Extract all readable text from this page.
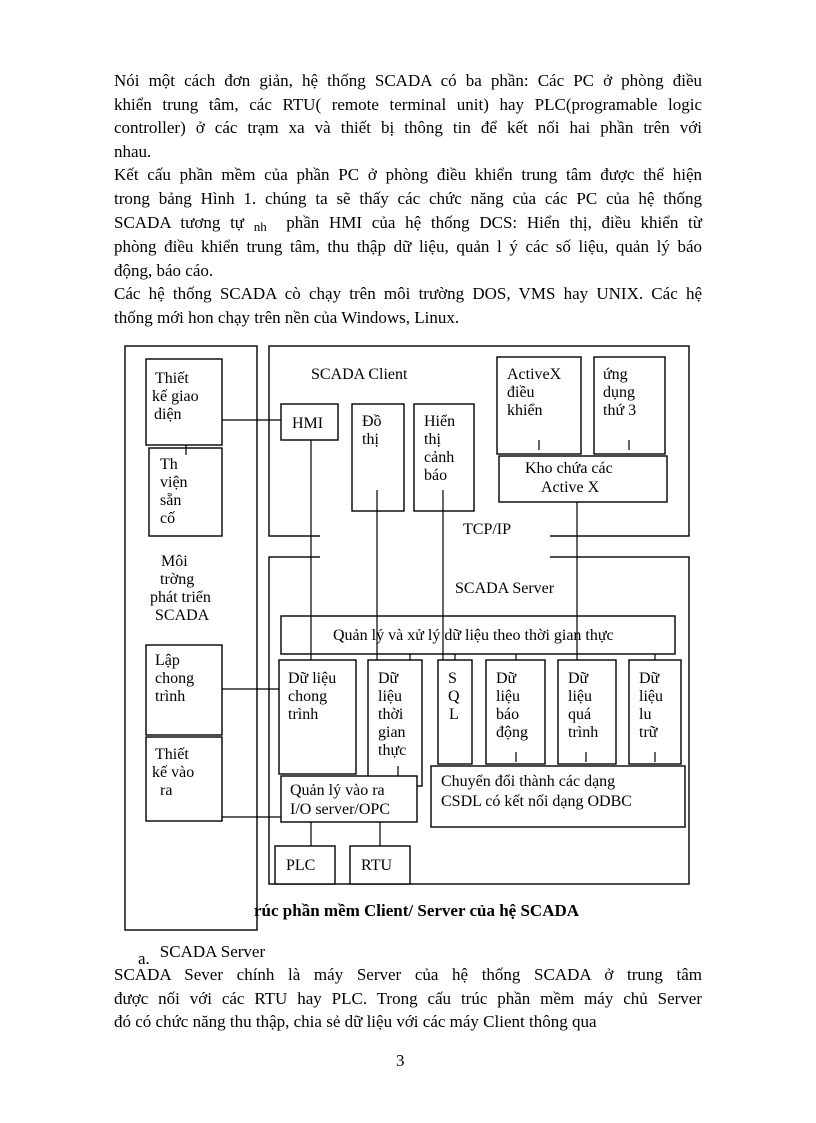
Nói một cách đơn giản, hệ thống SCADA có ba phần: Các PC ở phòng điều
khiển trung tâm, các RTU( remote terminal unit) hay PLC(programable logic
controller) ở các trạm xa và thiết bị thông tin để kết nối hai phần trên với
nhau.
Kết cấu phần mềm của phần PC ở phòng điều khiển trung tâm được thể hiện
trong bảng Hình 1. chúng ta sẽ thấy các chức năng của các PC của hệ thống
SCADA tương tự nh phần HMI của hệ thống DCS: Hiển thị, điều khiển từ
phòng điều khiển trung tâm, thu thập dữ liệu, quản l ý các số liệu, quản lý báo
động, báo cáo.
Các hệ thống SCADA cò chạy trên môi trường DOS, VMS hay UNIX. Các hệ
thống mới hon chạy trên nền của Windows, Linux.
Thiết kế giao diện
Th viện sẵn cố
Môi trờng phát triển SCADA
Lập chong trình
Thiết kế vào ra
SCADA Client
HMI Đồ thị
Hiển thị cảnh báo	Kho chứa các Active X
ActiveX điều khiển
ứng dụng thứ 3
TCP/IP
SCADA Server
Quản lý và xử lý dữ liệu theo thời gian thực
Dữ liệu chong trình
Dữ liệu thời gian thực
S Q L
Dữ liệu báo động
Dữ liệu quá trình
Dữ liệu lu trữ
Chuyển đổi thành các dạng CSDL có kết nối dạng ODBC
Quản lý vào ra I/O server/OPC
PLC	RTU
rúc phần mềm Client/ Server của hệ SCADA
a. SCADA Server
SCADA Sever chính là máy Server của hệ thống SCADA ở trung tâm
được nối với các RTU hay PLC. Trong cấu trúc phần mềm máy chủ Server
đó có chức năng thu thập, chia sẻ dữ liệu với các máy Client thông qua
3
